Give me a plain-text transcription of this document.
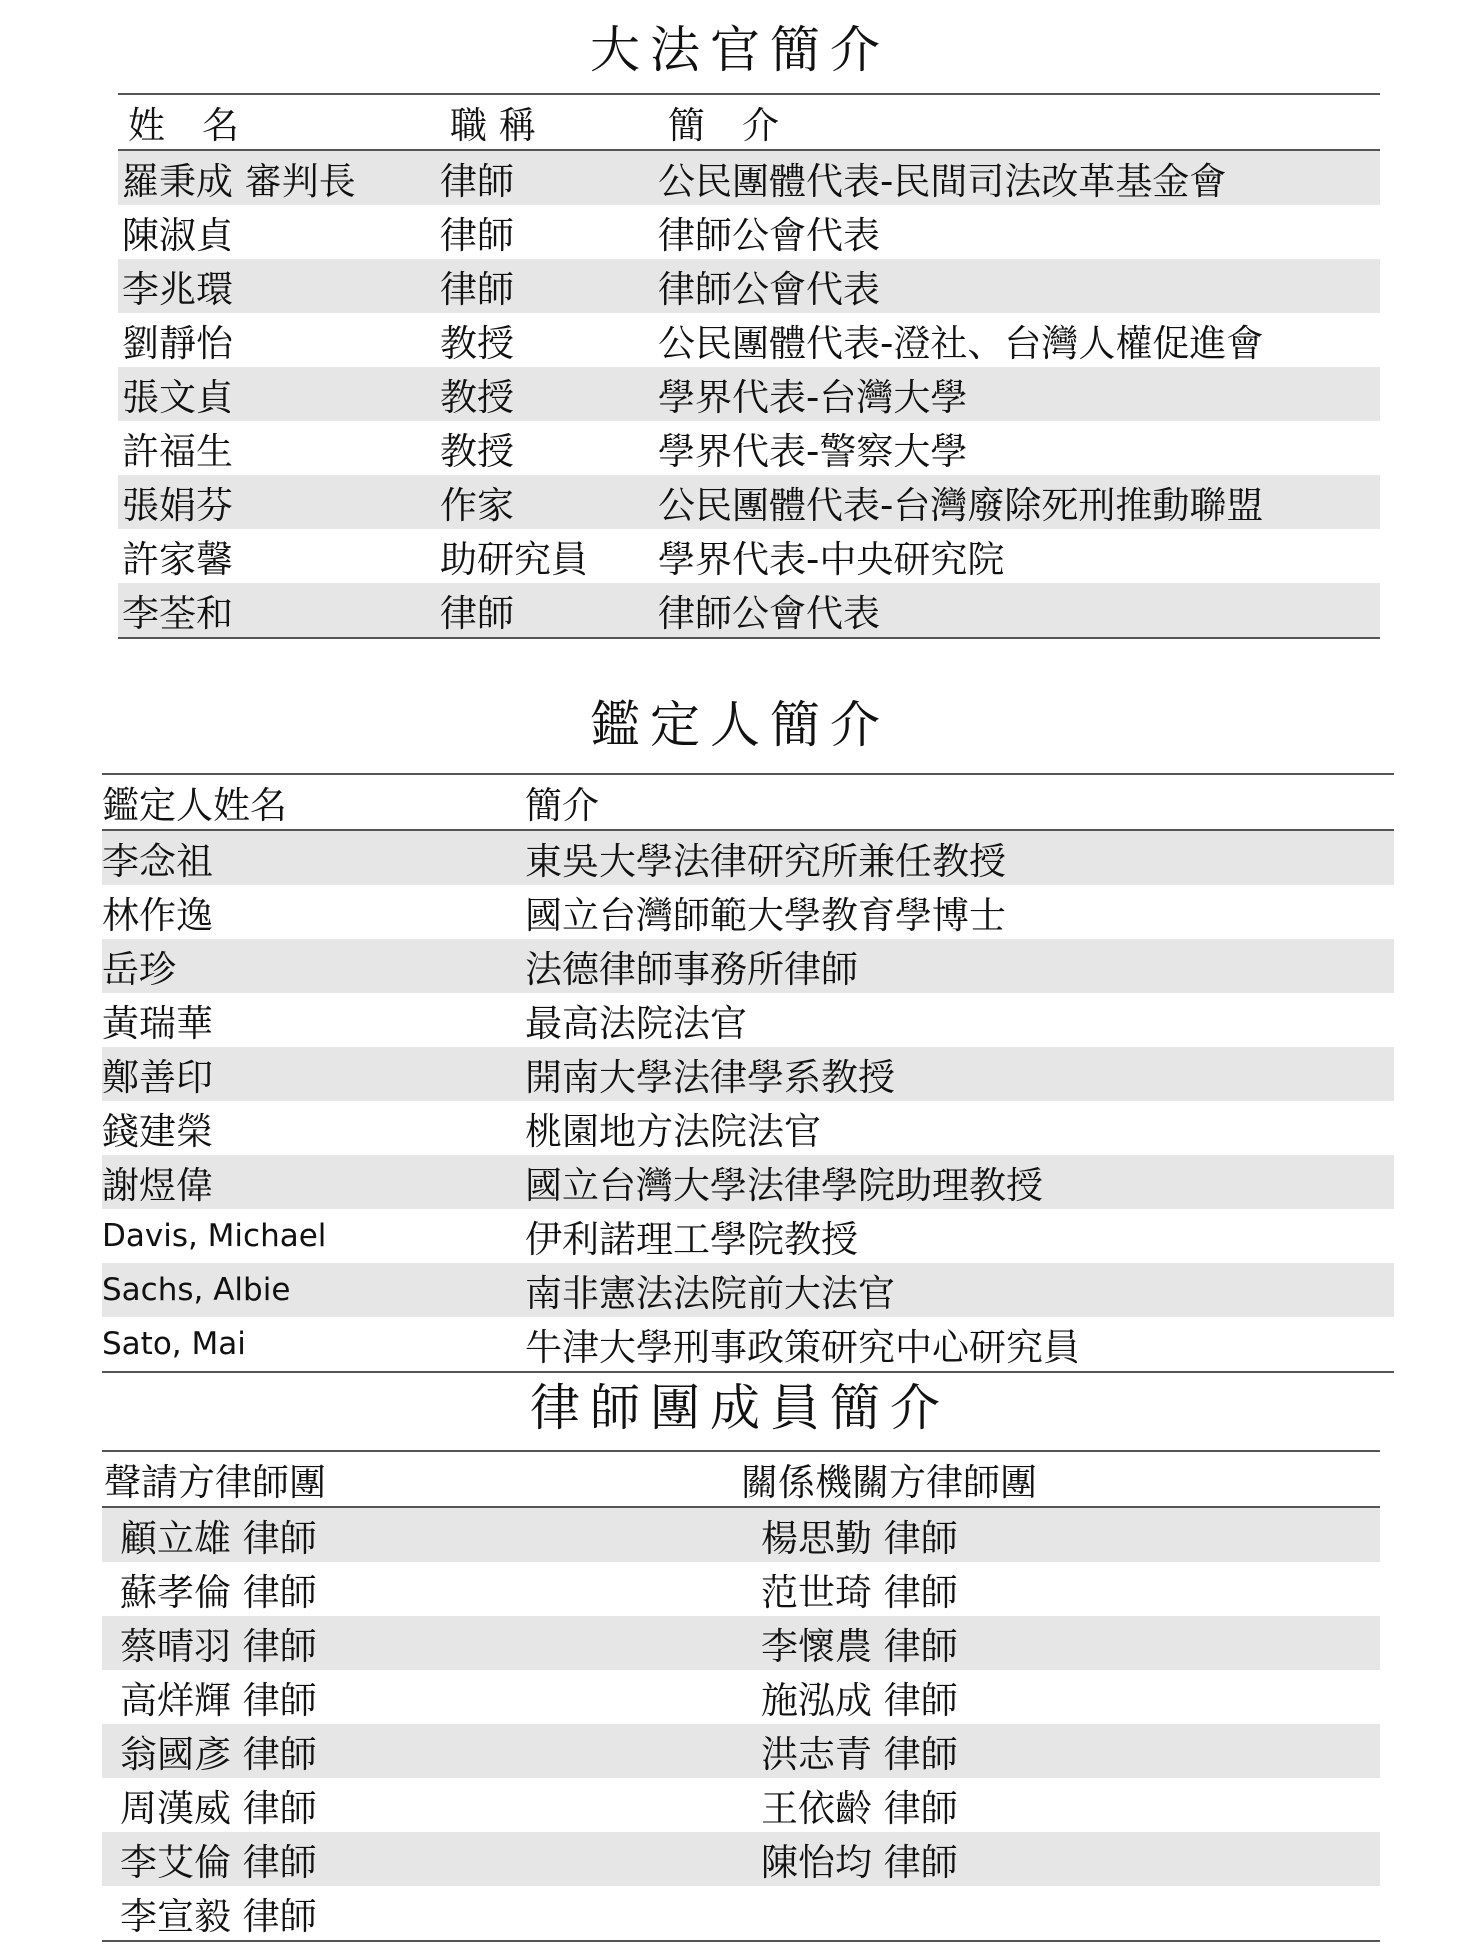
大法官簡介
姓　名	職 稱	簡　介
羅秉成 審判長	律師	公民團體代表-民間司法改革基金會
陳淑貞	律師	律師公會代表
李兆環	律師	律師公會代表
劉靜怡	教授	公民團體代表-澄社、台灣人權促進會
張文貞	教授	學界代表-台灣大學
許福生	教授	學界代表-警察大學
張娟芬	作家	公民團體代表-台灣廢除死刑推動聯盟
許家馨	助研究員	學界代表-中央研究院
李荃和	律師	律師公會代表
鑑定人簡介
鑑定人姓名	簡介
李念祖	東吳大學法律研究所兼任教授
林作逸	國立台灣師範大學教育學博士
岳珍	法德律師事務所律師
黃瑞華	最高法院法官
鄭善印	開南大學法律學系教授
錢建榮	桃園地方法院法官
謝煜偉	國立台灣大學法律學院助理教授
Davis, Michael	伊利諾理工學院教授
Sachs, Albie	南非憲法法院前大法官
Sato, Mai	牛津大學刑事政策研究中心研究員
律師團成員簡介
聲請方律師團	關係機關方律師團
顧立雄 律師	楊思勤 律師
蘇孝倫 律師	范世琦 律師
蔡晴羽 律師	李懷農 律師
高烊輝 律師	施泓成 律師
翁國彥 律師	洪志青 律師
周漢威 律師	王依齡 律師
李艾倫 律師	陳怡均 律師
李宣毅 律師	
